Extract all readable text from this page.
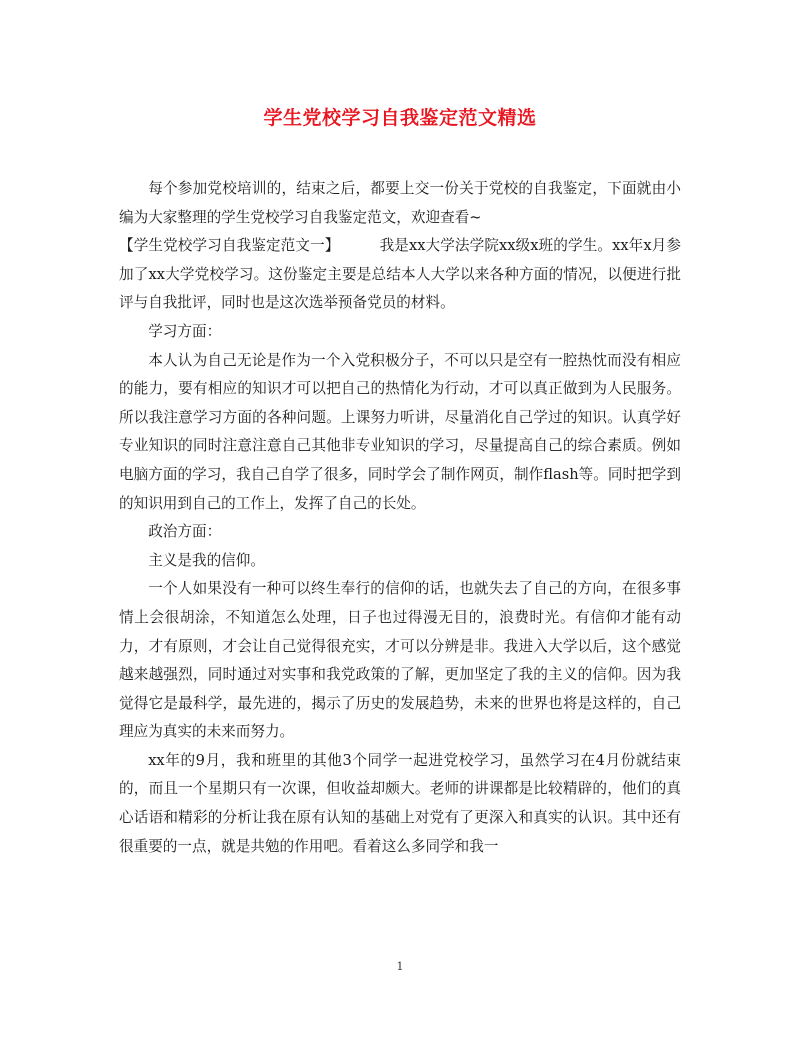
学生党校学习自我鉴定范文精选

每个参加党校培训的，结束之后，都要上交一份关于党校的自我鉴定，下面就由小编为大家整理的学生党校学习自我鉴定范文，欢迎查看~

【学生党校学习自我鉴定范文一】	我是xx大学法学院xx级x班的学生。xx年x月参加了xx大学党校学习。这份鉴定主要是总结本人大学以来各种方面的情况，以便进行批评与自我批评，同时也是这次选举预备党员的材料。

学习方面：

本人认为自己无论是作为一个入党积极分子，不可以只是空有一腔热忱而没有相应的能力，要有相应的知识才可以把自己的热情化为行动，才可以真正做到为人民服务。所以我注意学习方面的各种问题。上课努力听讲，尽量消化自己学过的知识。认真学好专业知识的同时注意注意自己其他非专业知识的学习，尽量提高自己的综合素质。例如电脑方面的学习，我自己自学了很多，同时学会了制作网页，制作flash等。同时把学到的知识用到自己的工作上，发挥了自己的长处。

政治方面：

主义是我的信仰。

一个人如果没有一种可以终生奉行的信仰的话，也就失去了自己的方向，在很多事情上会很胡涂，不知道怎么处理，日子也过得漫无目的，浪费时光。有信仰才能有动力，才有原则，才会让自己觉得很充实，才可以分辨是非。我进入大学以后，这个感觉越来越强烈，同时通过对实事和我党政策的了解，更加坚定了我的主义的信仰。因为我觉得它是最科学，最先进的，揭示了历史的发展趋势，未来的世界也将是这样的，自己理应为真实的未来而努力。

xx年的9月，我和班里的其他3个同学一起进党校学习，虽然学习在4月份就结束的，而且一个星期只有一次课，但收益却颇大。老师的讲课都是比较精辟的，他们的真心话语和精彩的分析让我在原有认知的基础上对党有了更深入和真实的认识。其中还有很重要的一点，就是共勉的作用吧。看着这么多同学和我一

1
